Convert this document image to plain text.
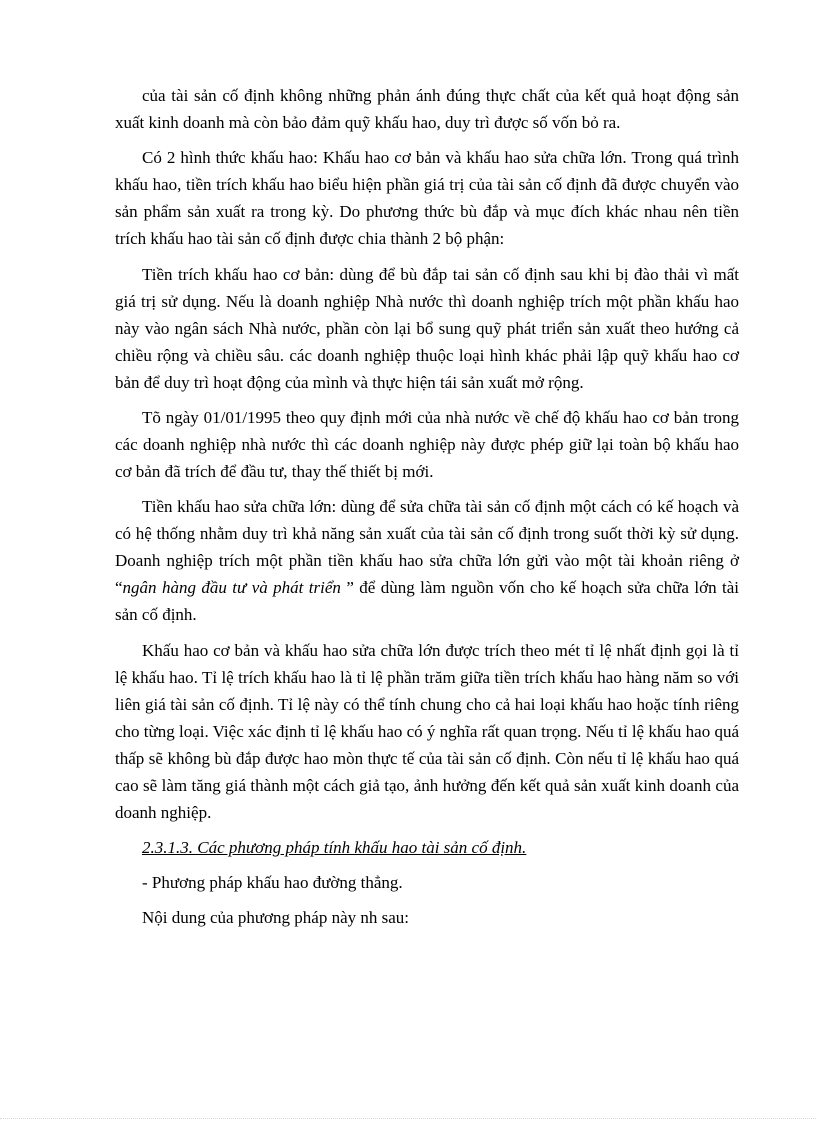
của tài sản cố định không những phản ánh đúng thực chất của kết quả hoạt động sản xuất kinh doanh mà còn bảo đảm quỹ khấu hao, duy trì được số vốn bỏ ra.

Có 2 hình thức khấu hao: Khấu hao cơ bản và khấu hao sửa chữa lớn. Trong quá trình khấu hao, tiền trích khấu hao biểu hiện phần giá trị của tài sản cố định đã được chuyển vào sản phẩm sản xuất ra trong kỳ. Do phương thức bù đắp và mục đích khác nhau nên tiền trích khấu hao tài sản cố định được chia thành 2 bộ phận:

Tiền trích khấu hao cơ bản: dùng để bù đắp tai sản cố định sau khi bị đào thải vì mất giá trị sử dụng. Nếu là doanh nghiệp Nhà nước thì doanh nghiệp trích một phần khấu hao này vào ngân sách Nhà nước, phần còn lại bổ sung quỹ phát triển sản xuất theo hướng cả chiều rộng và chiều sâu. các doanh nghiệp thuộc loại hình khác phải lập quỹ khấu hao cơ bản để duy trì hoạt động của mình và thực hiện tái sản xuất mở rộng.

Tõ ngày 01/01/1995 theo quy định mới của nhà nước về chế độ khấu hao cơ bản trong các doanh nghiệp nhà nước thì các doanh nghiệp này được phép giữ lại toàn bộ khấu hao cơ bản đã trích để đầu tư, thay thế thiết bị mới.

Tiền khấu hao sửa chữa lớn: dùng để sửa chữa tài sản cố định một cách có kế hoạch và có hệ thống nhằm duy trì khả năng sản xuất của tài sản cố định trong suốt thời kỳ sử dụng. Doanh nghiệp trích một phần tiền khấu hao sửa chữa lớn gửi vào một tài khoản riêng ở “ngân hàng đầu tư và phát triển ” để dùng làm nguồn vốn cho kế hoạch sửa chữa lớn tài sản cố định.

Khấu hao cơ bản và khấu hao sửa chữa lớn được trích theo mét tỉ lệ nhất định gọi là tỉ lệ khấu hao. Tỉ lệ trích khấu hao là tỉ lệ phần trăm giữa tiền trích khấu hao hàng năm so với liên giá tài sản cố định. Tỉ lệ này có thể tính chung cho cả hai loại khấu hao hoặc tính riêng cho từng loại. Việc xác định tỉ lệ khấu hao có ý nghĩa rất quan trọng. Nếu tỉ lệ khấu hao quá thấp sẽ không bù đắp được hao mòn thực tế của tài sản cố định. Còn nếu tỉ lệ khấu hao quá cao sẽ làm tăng giá thành một cách giả tạo, ảnh hưởng đến kết quả sản xuất kinh doanh của doanh nghiệp.

2.3.1.3. Các phương pháp tính khấu hao tài sản cố định.

- Phương pháp khấu hao đường thẳng.

Nội dung của phương pháp này nh sau:
